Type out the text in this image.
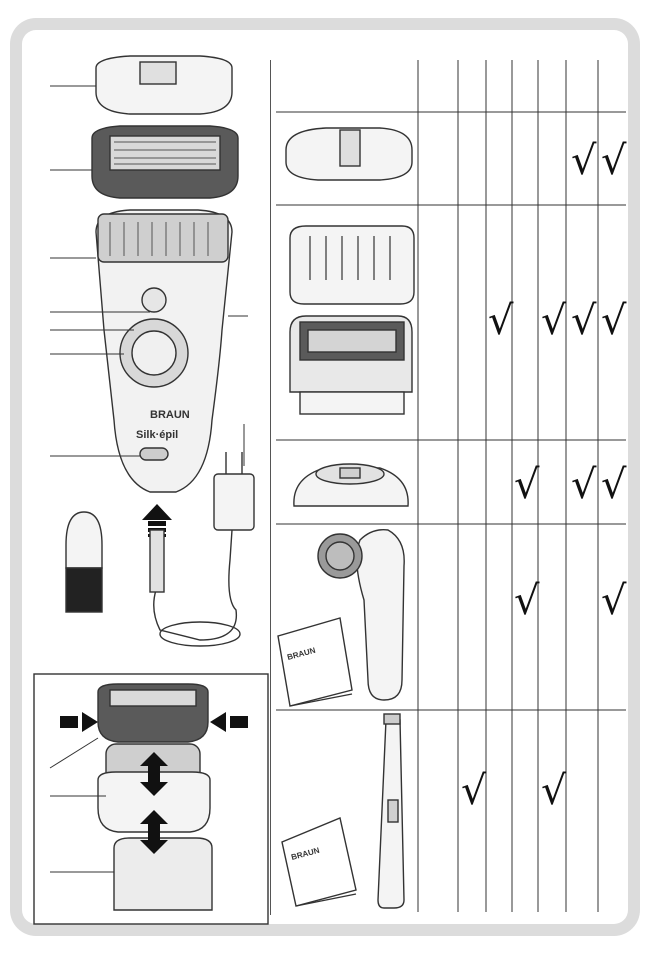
BRAUN
Silk·épil
BRAUN
BRAUN
√ √
√ √ √ √
√ √ √
√ √
√ √
